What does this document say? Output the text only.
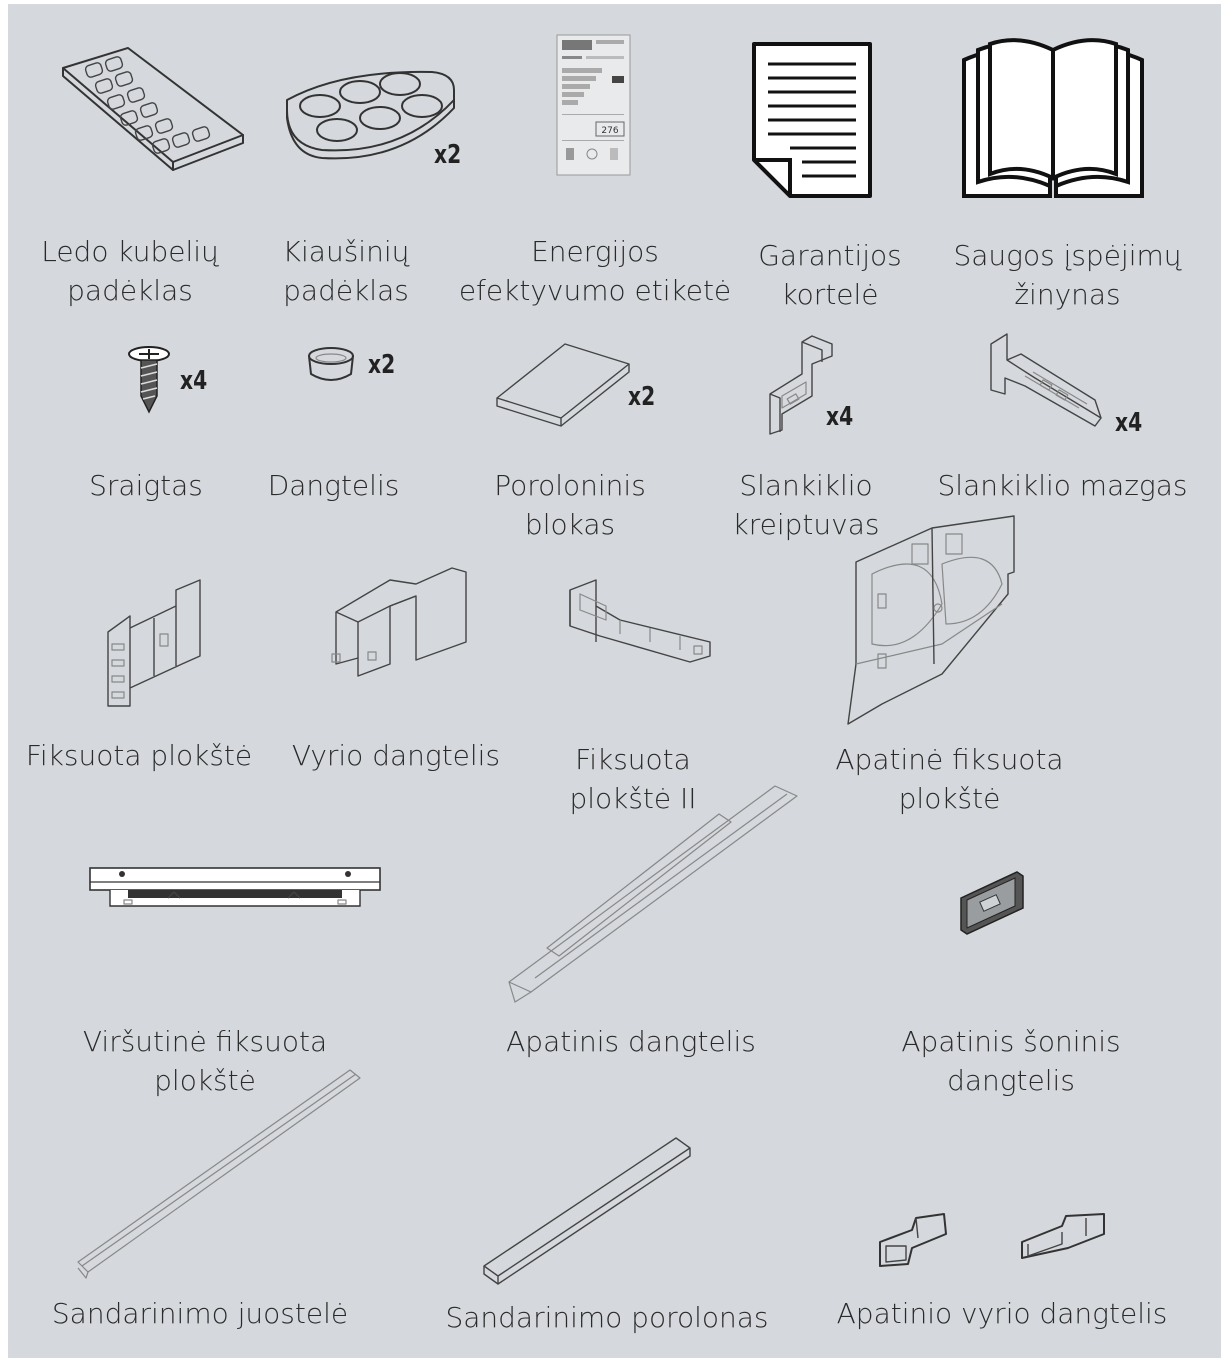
x2
276
Ledo kubelių
padėklas
Kiaušinių
padėklas
Energijos
efektyvumo etiketė
Garantijos
kortelė
Saugos įspėjimų
žinynas
x4
x2
x2
x4	x4
Sraigtas	Dangtelis	Poroloninis
blokas
Slankiklio
kreiptuvas
Slankiklio mazgas
Fiksuota plokštė	Vyrio dangtelis	Fiksuota
plokštė II
Apatinė fiksuota
plokštė
Viršutinė fiksuota
plokštė
Apatinis dangtelis	Apatinis šoninis
dangtelis
Sandarinimo juostelė	Sandarinimo porolonas	Apatinio vyrio dangtelis
